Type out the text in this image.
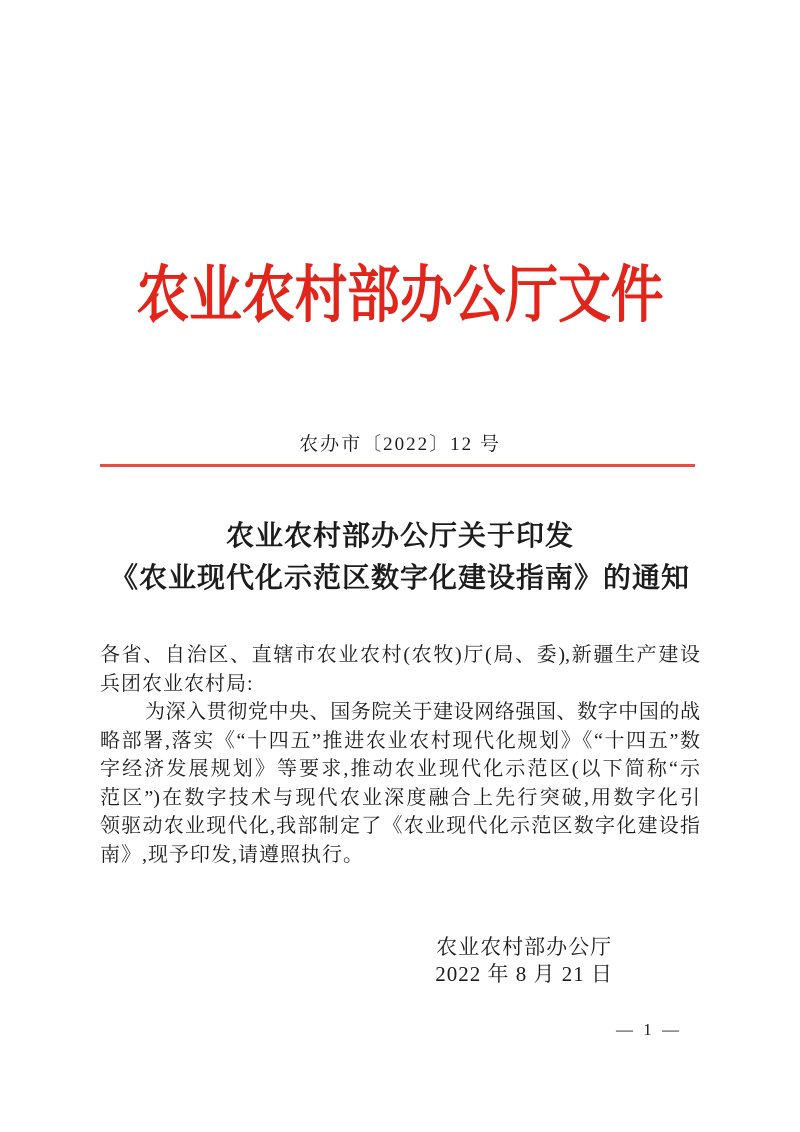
农业农村部办公厅文件
农办市〔2022〕12 号
农业农村部办公厅关于印发
《农业现代化示范区数字化建设指南》的通知
各省、自治区、直辖市农业农村(农牧)厅(局、委),新疆生产建设
兵团农业农村局:
为深入贯彻党中央、国务院关于建设网络强国、数字中国的战
略部署,落实《“十四五”推进农业农村现代化规划》《“十四五”数
字经济发展规划》等要求,推动农业现代化示范区(以下简称“示
范区”)在数字技术与现代农业深度融合上先行突破,用数字化引
领驱动农业现代化,我部制定了《农业现代化示范区数字化建设指
南》,现予印发,请遵照执行。
农业农村部办公厅
2022 年 8 月 21 日
— 1 —
